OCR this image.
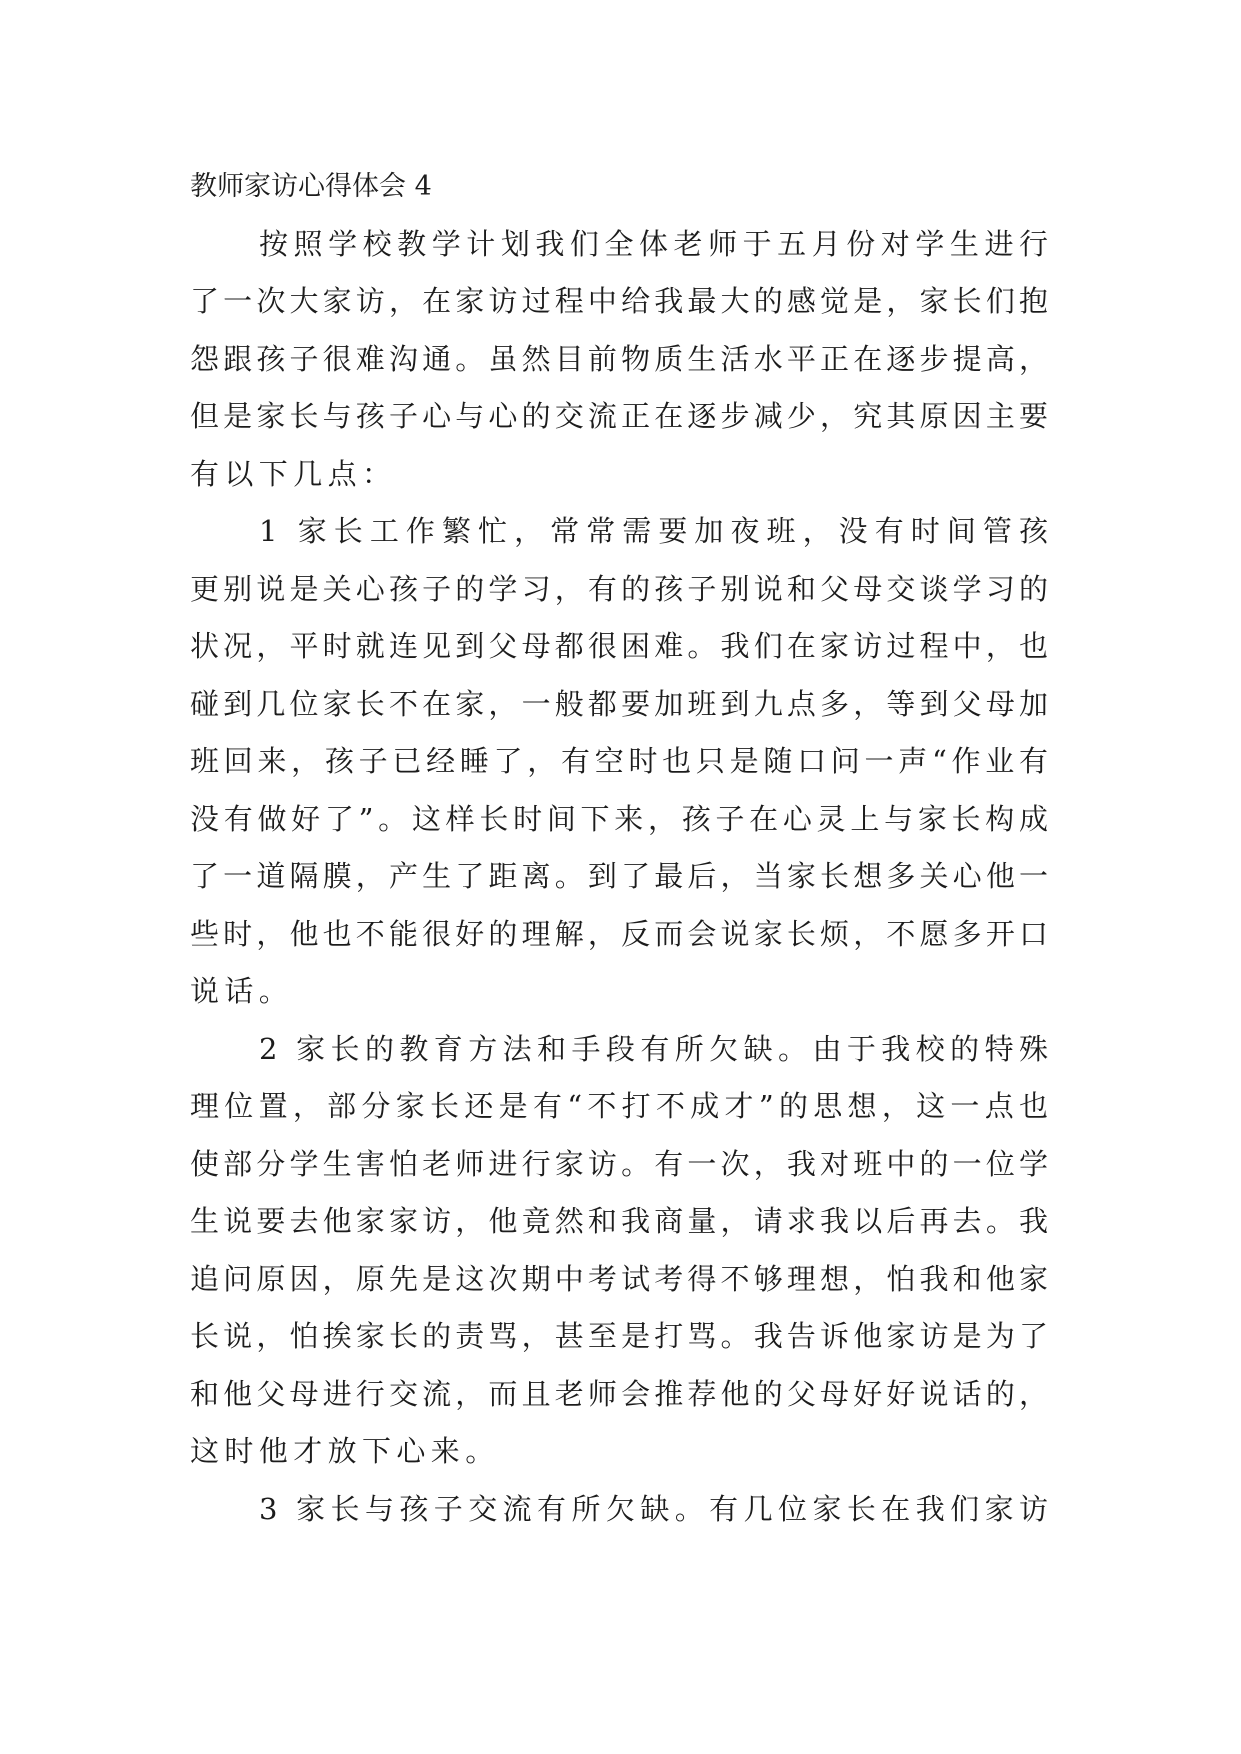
教师家访心得体会 4
按照学校教学计划我们全体老师于五月份对学生进行
了一次大家访，在家访过程中给我最大的感觉是，家长们抱
怨跟孩子很难沟通。虽然目前物质生活水平正在逐步提高，
但是家长与孩子心与心的交流正在逐步减少，究其原因主要
有以下几点：
1 家长工作繁忙，常常需要加夜班，没有时间管孩
更别说是关心孩子的学习，有的孩子别说和父母交谈学习的
状况，平时就连见到父母都很困难。我们在家访过程中，也
碰到几位家长不在家，一般都要加班到九点多，等到父母加
班回来，孩子已经睡了，有空时也只是随口问一声“作业有
没有做好了”。这样长时间下来，孩子在心灵上与家长构成
了一道隔膜，产生了距离。到了最后，当家长想多关心他一
些时，他也不能很好的理解，反而会说家长烦，不愿多开口
说话。
2 家长的教育方法和手段有所欠缺。由于我校的特殊
理位置，部分家长还是有“不打不成才”的思想，这一点也
使部分学生害怕老师进行家访。有一次，我对班中的一位学
生说要去他家家访，他竟然和我商量，请求我以后再去。我
追问原因，原先是这次期中考试考得不够理想，怕我和他家
长说，怕挨家长的责骂，甚至是打骂。我告诉他家访是为了
和他父母进行交流，而且老师会推荐他的父母好好说话的，
这时他才放下心来。
3 家长与孩子交流有所欠缺。有几位家长在我们家访
